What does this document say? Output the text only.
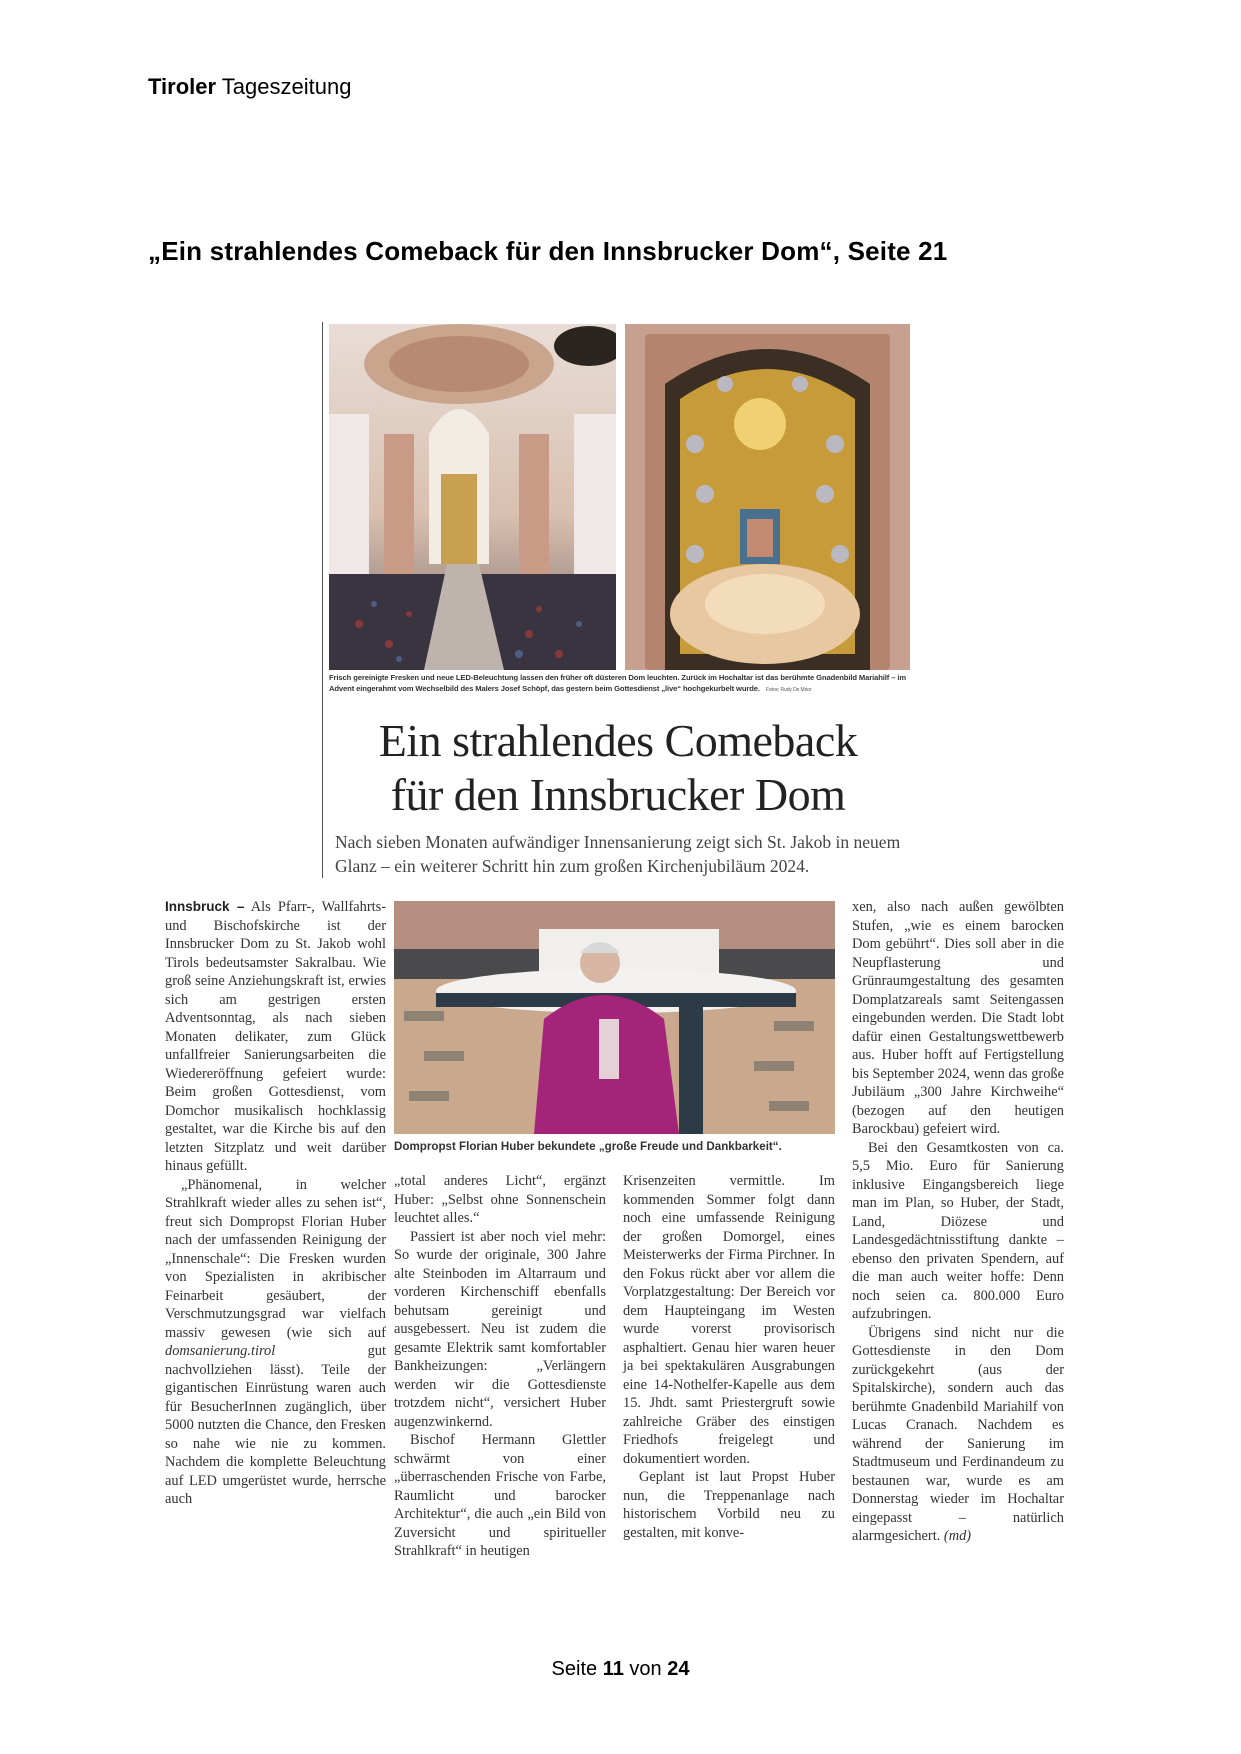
Tiroler Tageszeitung
„Ein strahlendes Comeback für den Innsbrucker Dom“, Seite 21
Frisch gereinigte Fresken und neue LED-Beleuchtung lassen den früher oft düsteren Dom leuchten. Zurück im Hochaltar ist das berühmte Gnadenbild Mariahilf – im Advent eingerahmt vom Wechselbild des Malers Josef Schöpf, das gestern beim Gottesdienst „live“ hochgekurbelt wurde. Fotos: Rudy De Moor
Ein strahlendes Comeback
für den Innsbrucker Dom
Nach sieben Monaten aufwändiger Innensanierung zeigt sich St. Jakob in neuem Glanz – ein weiterer Schritt hin zum großen Kirchenjubiläum 2024.

Innsbruck – Als Pfarr-, Wallfahrts- und Bischofskirche ist der Innsbrucker Dom zu St. Jakob wohl Tirols bedeutsamster Sakralbau. Wie groß seine Anziehungskraft ist, erwies sich am gestrigen ersten Adventsonntag, als nach sieben Monaten delikater, zum Glück unfallfreier Sanierungsarbeiten die Wiedereröffnung gefeiert wurde: Beim großen Gottesdienst, vom Domchor musikalisch hochklassig gestaltet, war die Kirche bis auf den letzten Sitzplatz und weit darüber hinaus gefüllt.

„Phänomenal, in welcher Strahlkraft wieder alles zu sehen ist“, freut sich Dompropst Florian Huber nach der umfassenden Reinigung der „Innenschale“: Die Fresken wurden von Spezialisten in akribischer Feinarbeit gesäubert, der Verschmutzungsgrad war vielfach massiv gewesen (wie sich auf domsanierung.tirol gut nachvollziehen lässt). Teile der gigantischen Einrüstung waren auch für BesucherInnen zugänglich, über 5000 nutzten die Chance, den Fresken so nahe wie nie zu kommen. Nachdem die komplette Beleuchtung auf LED umgerüstet wurde, herrsche auch

Dompropst Florian Huber bekundete „große Freude und Dankbarkeit“.

„total anderes Licht“, ergänzt Huber: „Selbst ohne Sonnenschein leuchtet alles.“

Passiert ist aber noch viel mehr: So wurde der originale, 300 Jahre alte Steinboden im Altarraum und vorderen Kirchenschiff ebenfalls behutsam gereinigt und ausgebessert. Neu ist zudem die gesamte Elektrik samt komfortabler Bankheizungen: „Verlängern werden wir die Gottesdienste trotzdem nicht“, versichert Huber augenzwinkernd.

Bischof Hermann Glettler schwärmt von einer „überraschenden Frische von Farbe, Raumlicht und barocker Architektur“, die auch „ein Bild von Zuversicht und spiritueller Strahlkraft“ in heutigen

Krisenzeiten vermittle. Im kommenden Sommer folgt dann noch eine umfassende Reinigung der großen Domorgel, eines Meisterwerks der Firma Pirchner. In den Fokus rückt aber vor allem die Vorplatzgestaltung: Der Bereich vor dem Haupteingang im Westen wurde vorerst provisorisch asphaltiert. Genau hier waren heuer ja bei spektakulären Ausgrabungen eine 14-Nothelfer-Kapelle aus dem 15. Jhdt. samt Priestergruft sowie zahlreiche Gräber des einstigen Friedhofs freigelegt und dokumentiert worden.

Geplant ist laut Propst Huber nun, die Treppenanlage nach historischem Vorbild neu zu gestalten, mit konve-

xen, also nach außen gewölbten Stufen, „wie es einem barocken Dom gebührt“. Dies soll aber in die Neupflasterung und Grünraumgestaltung des gesamten Domplatzareals samt Seitengassen eingebunden werden. Die Stadt lobt dafür einen Gestaltungswettbewerb aus. Huber hofft auf Fertigstellung bis September 2024, wenn das große Jubiläum „300 Jahre Kirchweihe“ (bezogen auf den heutigen Barockbau) gefeiert wird.

Bei den Gesamtkosten von ca. 5,5 Mio. Euro für Sanierung inklusive Eingangsbereich liege man im Plan, so Huber, der Stadt, Land, Diözese und Landesgedächtnisstiftung dankte – ebenso den privaten Spendern, auf die man auch weiter hoffe: Denn noch seien ca. 800.000 Euro aufzubringen.

Übrigens sind nicht nur die Gottesdienste in den Dom zurückgekehrt (aus der Spitalskirche), sondern auch das berühmte Gnadenbild Mariahilf von Lucas Cranach. Nachdem es während der Sanierung im Stadtmuseum und Ferdinandeum zu bestaunen war, wurde es am Donnerstag wieder im Hochaltar eingepasst – natürlich alarmgesichert. (md)

Seite 11 von 24
